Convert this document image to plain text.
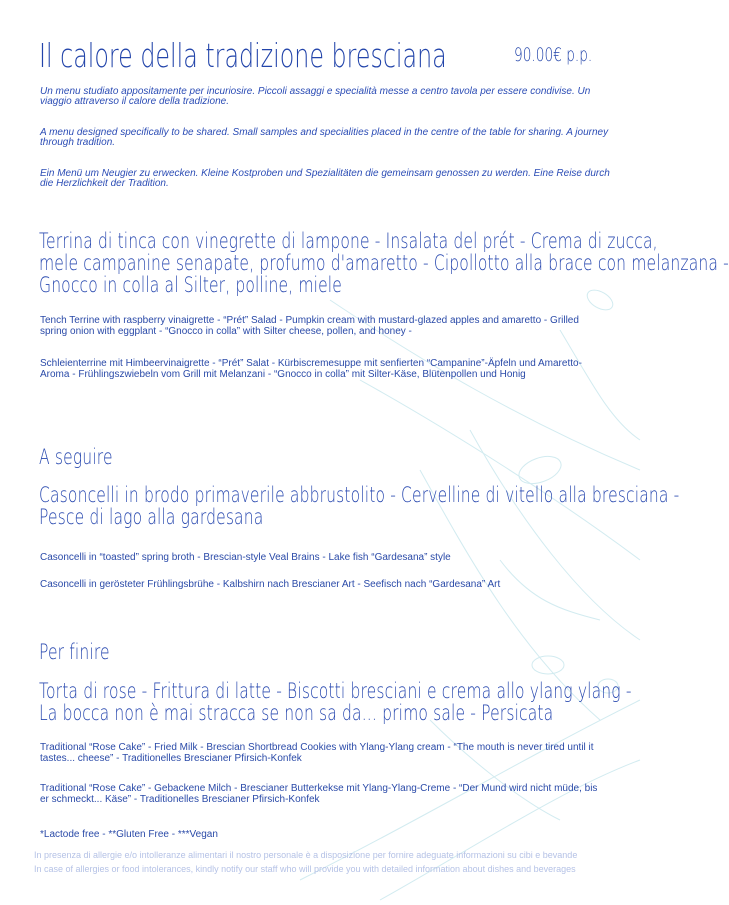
Il calore della tradizione bresciana	90.00€ p.p.
Un menu studiato appositamente per incuriosire. Piccoli assaggi e specialità messe a centro tavola per essere condivise. Un viaggio attraverso il calore della tradizione.
A menu designed specifically to be shared. Small samples and specialities placed in the centre of the table for sharing. A journey through tradition.
Ein Menü um Neugier zu erwecken. Kleine Kostproben und Spezialitäten die gemeinsam genossen zu werden. Eine Reise durch die Herzlichkeit der Tradition.
Terrina di tinca con vinegrette di lampone - Insalata del prét - Crema di zucca,
mele campanine senapate, profumo d'amaretto - Cipollotto alla brace con melanzana -
Gnocco in colla al Silter, polline, miele
Tench Terrine with raspberry vinaigrette - “Prét” Salad - Pumpkin cream with mustard-glazed apples and amaretto - Grilled spring onion with eggplant - “Gnocco in colla” with Silter cheese, pollen, and honey -
Schleienterrine mit Himbeervinaigrette - “Prét” Salat - Kürbiscremesuppe mit senfierten “Campanine”-Äpfeln und Amaretto-Aroma - Frühlingszwiebeln vom Grill mit Melanzani - “Gnocco in colla” mit Silter-Käse, Blütenpollen und Honig
A seguire
Casoncelli in brodo primaverile abbrustolito - Cervelline di vitello alla bresciana -
Pesce di lago alla gardesana
Casoncelli in “toasted” spring broth - Brescian-style Veal Brains - Lake fish “Gardesana” style
Casoncelli in gerösteter Frühlingsbrühe - Kalbshirn nach Brescianer Art - Seefisch nach “Gardesana” Art
Per finire
Torta di rose - Frittura di latte - Biscotti bresciani e crema allo ylang ylang -
La bocca non è mai stracca se non sa da... primo sale - Persicata
Traditional “Rose Cake” - Fried Milk - Brescian Shortbread Cookies with Ylang-Ylang cream - “The mouth is never tired until it tastes... cheese” - Traditionelles Brescianer Pfirsich-Konfek
Traditional “Rose Cake” - Gebackene Milch - Brescianer Butterkekse mit Ylang-Ylang-Creme - “Der Mund wird nicht müde, bis er schmeckt... Käse” - Traditionelles Brescianer Pfirsich-Konfek
*Lactode free - **Gluten Free - ***Vegan
In presenza di allergie e/o intolleranze alimentari il nostro personale è a disposizione per fornire adeguate informazioni su cibi e bevande
In case of allergies or food intolerances, kindly notify our staff who will provide you with detailed information about dishes and beverages
